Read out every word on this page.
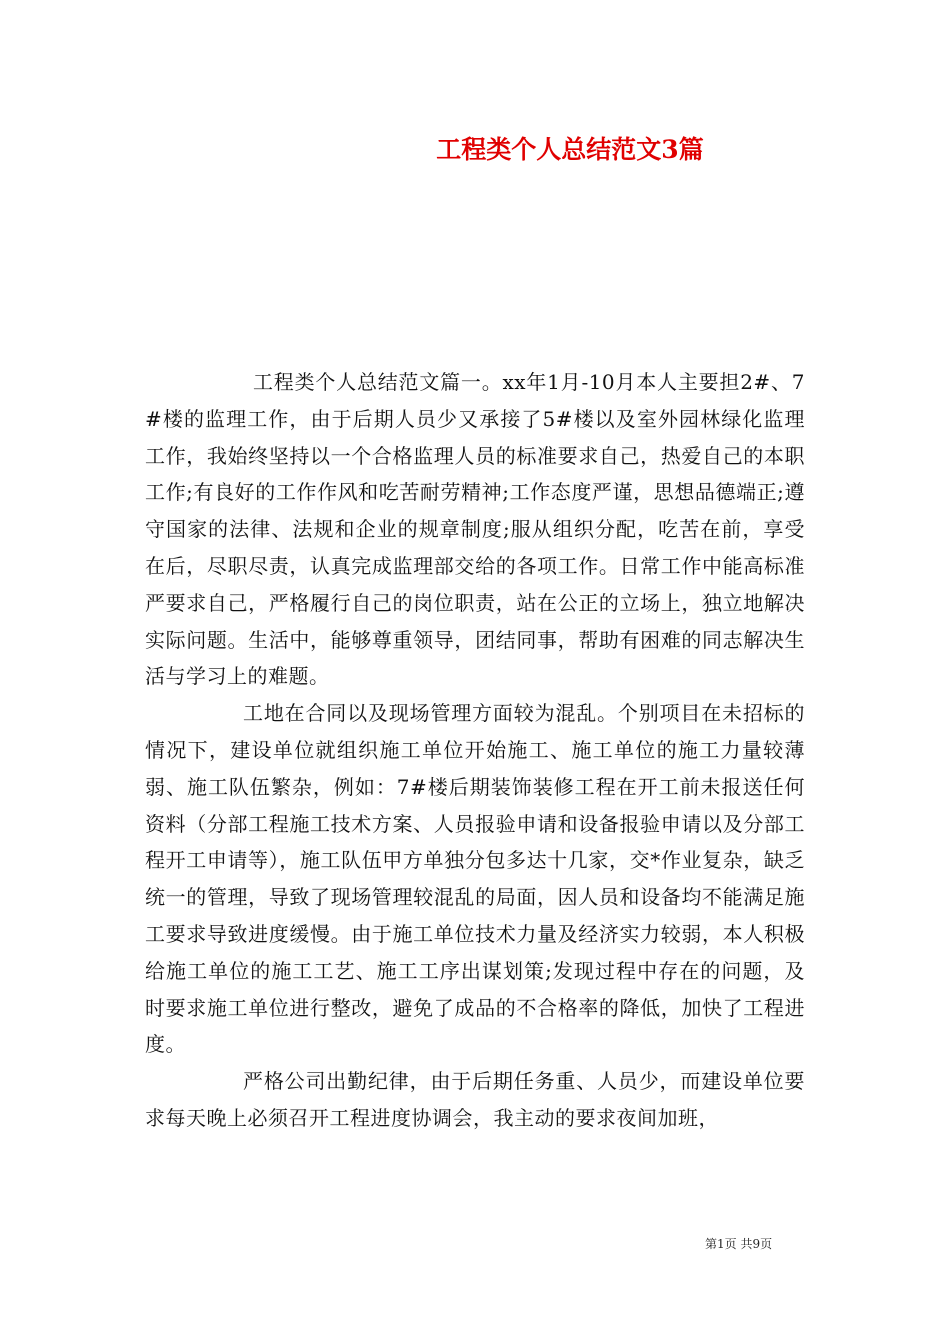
工程类个人总结范文3篇

工程类个人总结范文篇一。xx年1月-10月本人主要担2#、7#楼的监理工作，由于后期人员少又承接了5#楼以及室外园林绿化监理工作，我始终坚持以一个合格监理人员的标准要求自己，热爱自己的本职工作;有良好的工作作风和吃苦耐劳精神;工作态度严谨，思想品德端正;遵守国家的法律、法规和企业的规章制度;服从组织分配，吃苦在前，享受在后，尽职尽责，认真完成监理部交给的各项工作。日常工作中能高标准严要求自己，严格履行自己的岗位职责，站在公正的立场上，独立地解决实际问题。生活中，能够尊重领导，团结同事，帮助有困难的同志解决生活与学习上的难题。

工地在合同以及现场管理方面较为混乱。个别项目在未招标的情况下，建设单位就组织施工单位开始施工、施工单位的施工力量较薄弱、施工队伍繁杂，例如：7#楼后期装饰装修工程在开工前未报送任何资料（分部工程施工技术方案、人员报验申请和设备报验申请以及分部工程开工申请等），施工队伍甲方单独分包多达十几家，交*作业复杂，缺乏统一的管理，导致了现场管理较混乱的局面，因人员和设备均不能满足施工要求导致进度缓慢。由于施工单位技术力量及经济实力较弱，本人积极给施工单位的施工工艺、施工工序出谋划策;发现过程中存在的问题，及时要求施工单位进行整改，避免了成品的不合格率的降低，加快了工程进度。

严格公司出勤纪律，由于后期任务重、人员少，而建设单位要求每天晚上必须召开工程进度协调会，我主动的要求夜间加班，

第1页 共9页
